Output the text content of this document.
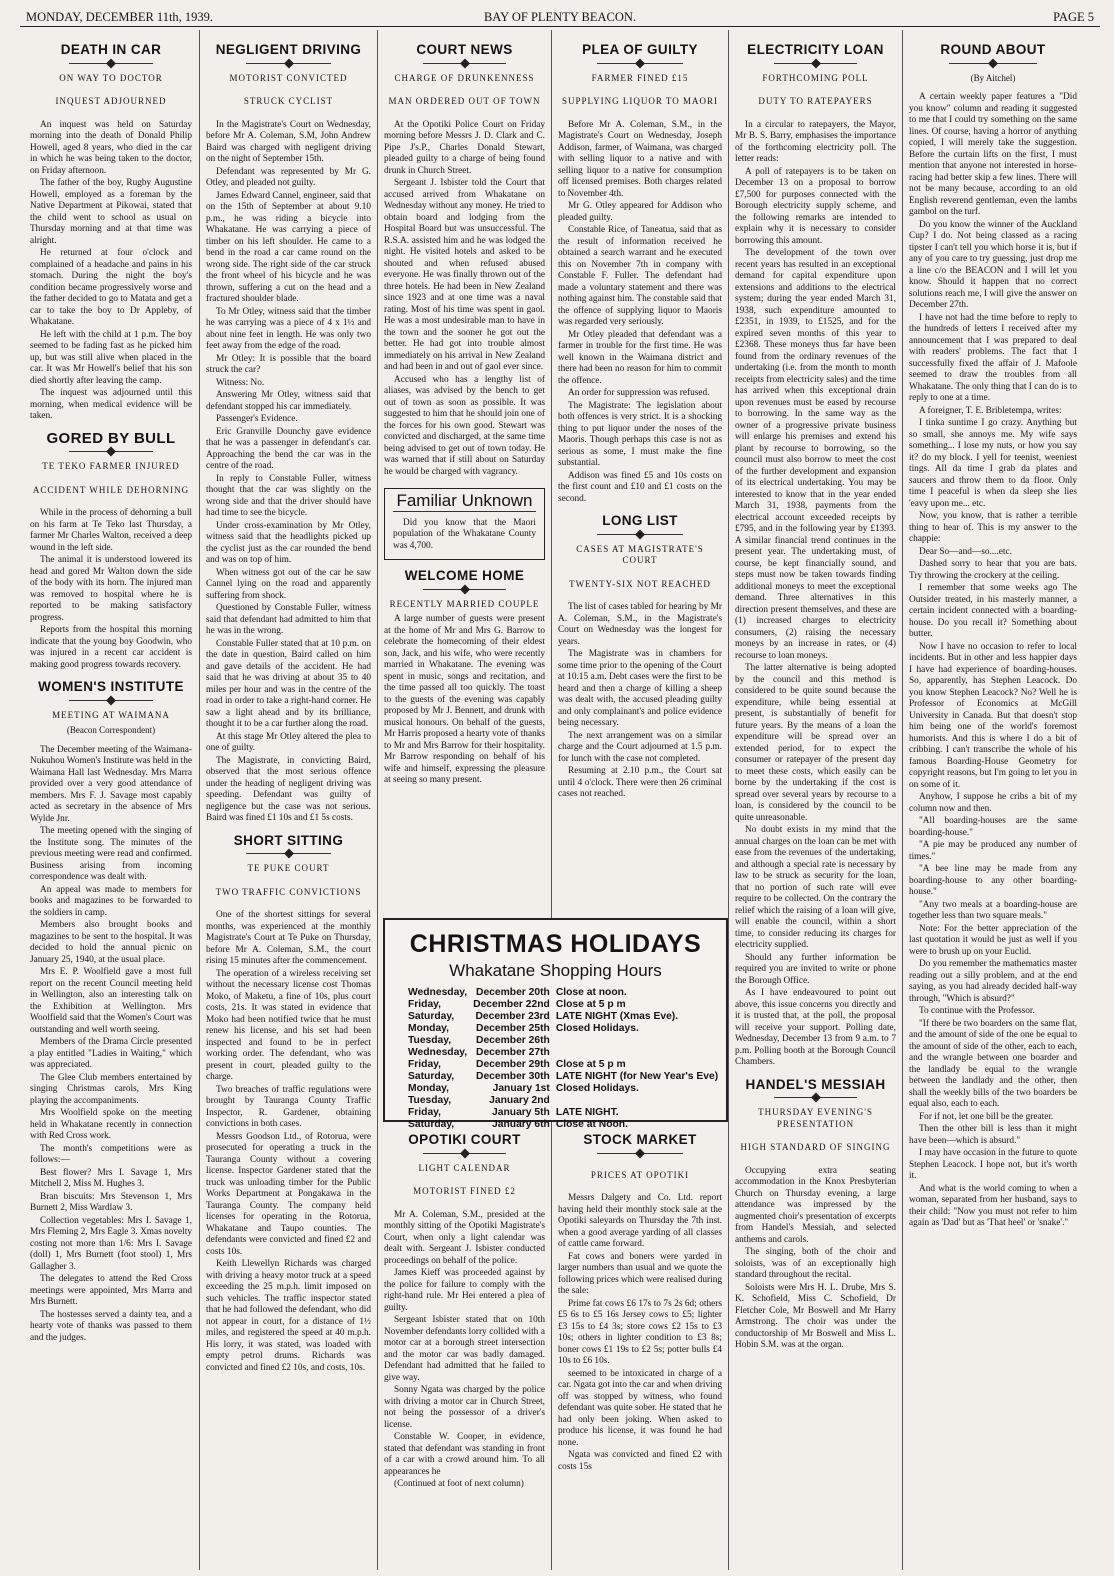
MONDAY, DECEMBER 11th, 1939.	BAY OF PLENTY BEACON.	PAGE 5
DEATH IN CAR
ON WAY TO DOCTOR
INQUEST ADJOURNED

An inquest was held on Saturday morning into the death of Donald Philip Howell, aged 8 years, who died in the car in which he was being taken to the doctor, on Friday afternoon.

The father of the boy, Rugby Augustine Howell, employed as a foreman by the Native Department at Pikowai, stated that the child went to school as usual on Thursday morning and at that time was alright.

He returned at four o'clock and complained of a headache and pains in his stomach. During the night the boy's condition became progressively worse and the father decided to go to Matata and get a car to take the boy to Dr Appleby, of Whakatane.

He left with the child at 1 p.m. The boy seemed to be fading fast as he picked him up, but was still alive when placed in the car. It was Mr Howell's belief that his son died shortly after leaving the camp.

The inquest was adjourned until this morning, when medical evidence will be taken.

GORED BY BULL
TE TEKO FARMER INJURED
ACCIDENT WHILE DEHORNING

While in the process of dehorning a bull on his farm at Te Teko last Thursday, a farmer Mr Charles Walton, received a deep wound in the left side.

The animal it is understood lowered its head and gored Mr Walton down the side of the body with its horn. The injured man was removed to hospital where he is reported to be making satisfactory progress.

Reports from the hospital this morning indicate that the young boy Goodwin, who was injured in a recent car accident is making good progress towards recovery.

WOMEN'S INSTITUTE
MEETING AT WAIMANA
(Beacon Correspondent)

The December meeting of the Waimana-Nukuhou Women's Institute was held in the Waimana Hall last Wednesday. Mrs Marra provided over a very good attendance of members. Mrs F. J. Savage most capably acted as secretary in the absence of Mrs Wylde Jnr.

The meeting opened with the singing of the Institute song. The minutes of the previous meeting were read and confirmed. Business arising from incoming correspondence was dealt with.

An appeal was made to members for books and magazines to be forwarded to the soldiers in camp.

Members also brought books and magazines to be sent to the hospital. It was decided to hold the annual picnic on January 25, 1940, at the usual place.

Mrs E. P. Woolfield gave a most full report on the recent Council meeting held in Wellington, also an interesting talk on the Exhibition at Wellington. Mrs Woolfield said that the Women's Court was outstanding and well worth seeing.

Members of the Drama Circle presented a play entitled "Ladies in Waiting," which was appreciated.

The Glee Club members entertained by singing Christmas carols, Mrs King playing the accompaniments.

Mrs Woolfield spoke on the meeting held in Whakatane recently in connection with Red Cross work.

The month's competitions were as follows:—

Best flower? Mrs I. Savage 1, Mrs Mitchell 2, Miss M. Hughes 3.

Bran biscuits: Mrs Stevenson 1, Mrs Burnett 2, Miss Wardlaw 3.

Collection vegetables: Mrs I. Savage 1, Mrs Fleming 2, Mrs Eagle 3. Xmas novelty costing not more than 1/6: Mrs I. Savage (doll) 1, Mrs Burnett (foot stool) 1, Mrs Gallagher 3.

The delegates to attend the Red Cross meetings were appointed, Mrs Marra and Mrs Burnett.

The hostesses served a dainty tea, and a hearty vote of thanks was passed to them and the judges.

NEGLIGENT DRIVING
MOTORIST CONVICTED
STRUCK CYCLIST

In the Magistrate's Court on Wednesday, before Mr A. Coleman, S.M, John Andrew Baird was charged with negligent driving on the night of September 15th.

Defendant was represented by Mr G. Otley, and pleaded not guilty.

James Edward Cannel, engineer, said that on the 15th of September at about 9.10 p.m., he was riding a bicycle into Whakatane. He was carrying a piece of timber on his left shoulder. He came to a bend in the road a car came round on the wrong side. The right side of the car struck the front wheel of his bicycle and he was thrown, suffering a cut on the head and a fractured shoulder blade.

To Mr Otley, witness said that the timber he was carrying was a piece of 4 x 1½ and about nine feet in length. He was only two feet away from the edge of the road.

Mr Otley: It is possible that the board struck the car?

Witness: No.

Answering Mr Otley, witness said that defendant stopped his car immediately.

Passenger's Evidence.

Eric Granville Dounchy gave evidence that he was a passenger in defendant's car. Approaching the bend the car was in the centre of the road.

In reply to Constable Fuller, witness thought that the car was slightly on the wrong side and that the driver should have had time to see the bicycle.

Under cross-examination by Mr Otley, witness said that the headlights picked up the cyclist just as the car rounded the bend and was on top of him.

When witness got out of the car he saw Cannel lying on the road and apparently suffering from shock.

Questioned by Constable Fuller, witness said that defendant had admitted to him that he was in the wrong.

Constable Fuller stated that at 10 p.m. on the date in question, Baird called on him and gave details of the accident. He had said that he was driving at about 35 to 40 miles per hour and was in the centre of the road in order to take a right-hand corner. He saw a light ahead and by its brilliance, thought it to be a car further along the road.

At this stage Mr Otley altered the plea to one of guilty.

The Magistrate, in convicting Baird, observed that the most serious offence under the heading of negligent driving was speeding. Defendant was guilty of negligence but the case was not serious. Baird was fined £1 10s and £1 5s costs.

SHORT SITTING
TE PUKE COURT
TWO TRAFFIC CONVICTIONS

One of the shortest sittings for several months, was experienced at the monthly Magistrate's Court at Te Puke on Thursday, before Mr A. Coleman, S.M., the court rising 15 minutes after the commencement.

The operation of a wireless receiving set without the necessary license cost Thomas Moko, of Maketu, a fine of 10s, plus court costs, 21s. It was stated in evidence that Moko had been notified twice that he must renew his license, and his set had been inspected and found to be in perfect working order. The defendant, who was present in court, pleaded guilty to the charge.

Two breaches of traffic regulations were brought by Tauranga County Traffic Inspector, R. Gardener, obtaining convictions in both cases.

Messrs Goodson Ltd., of Rotorua, were prosecuted for operating a truck in the Tauranga County without a covering license. Inspector Gardener stated that the truck was unloading timber for the Public Works Department at Pongakawa in the Tauranga County. The company held licenses for operating in the Rotorua, Whakatane and Taupo counties. The defendants were convicted and fined £2 and costs 10s.

Keith Llewellyn Richards was charged with driving a heavy motor truck at a speed exceeding the 25 m.p.h. limit imposed on such vehicles. The traffic inspector stated that he had followed the defendant, who did not appear in court, for a distance of 1½ miles, and registered the speed at 40 m.p.h. His lorry, it was stated, was loaded with empty petrol drums. Richards was convicted and fined £2 10s, and costs, 10s.

COURT NEWS
CHARGE OF DRUNKENNESS
MAN ORDERED OUT OF TOWN

At the Opotiki Police Court on Friday morning before Messrs J. D. Clark and C. Pipe J's.P., Charles Donald Stewart, pleaded guilty to a charge of being found drunk in Church Street.

Sergeant J. Isbister told the Court that accused arrived from Whakatane on Wednesday without any money. He tried to obtain board and lodging from the Hospital Board but was unsuccessful. The R.S.A. assisted him and he was lodged the night. He visited hotels and asked to be shouted and when refused abused everyone. He was finally thrown out of the three hotels. He had been in New Zealand since 1923 and at one time was a naval rating. Most of his time was spent in gaol. He was a most undesirable man to have in the town and the sooner he got out the better. He had got into trouble almost immediately on his arrival in New Zealand and had been in and out of gaol ever since.

Accused who has a lengthy list of aliases, was advised by the bench to get out of town as soon as possible. It was suggested to him that he should join one of the forces for his own good. Stewart was convicted and discharged, at the same time being advised to get out of town today. He was warned that if still about on Saturday he would be charged with vagrancy.

Familiar Unknown

Did you know that the Maori population of the Whakatane County was 4,700.

WELCOME HOME
RECENTLY MARRIED COUPLE

A large number of guests were present at the home of Mr and Mrs G. Barrow to celebrate the homecoming of their eldest son, Jack, and his wife, who were recently married in Whakatane. The evening was spent in music, songs and recitation, and the time passed all too quickly. The toast to the guests of the evening was capably proposed by Mr J. Bennett, and drunk with musical honours. On behalf of the guests, Mr Harris proposed a hearty vote of thanks to Mr and Mrs Barrow for their hospitality. Mr Barrow responding on behalf of his wife and himself, expressing the pleasure at seeing so many present.

PLEA OF GUILTY
FARMER FINED £15
SUPPLYING LIQUOR TO MAORI

Before Mr A. Coleman, S.M., in the Magistrate's Court on Wednesday, Joseph Addison, farmer, of Waimana, was charged with selling liquor to a native and with selling liquor to a native for consumption off licensed premises. Both charges related to November 4th.

Mr G. Otley appeared for Addison who pleaded guilty.

Constable Rice, of Taneatua, said that as the result of information received he obtained a search warrant and he executed this on November 7th in company with Constable F. Fuller. The defendant had made a voluntary statement and there was nothing against him. The constable said that the offence of supplying liquor to Maoris was regarded very seriously.

Mr Otley pleaded that defendant was a farmer in trouble for the first time. He was well known in the Waimana district and there had been no reason for him to commit the offence.

An order for suppression was refused.

The Magistrate: The legislation about both offences is very strict. It is a shocking thing to put liquor under the noses of the Maoris. Though perhaps this case is not as serious as some, I must make the fine substantial.

Addison was fined £5 and 10s costs on the first count and £10 and £1 costs on the second.

LONG LIST
CASES AT MAGISTRATE'S COURT
TWENTY-SIX NOT REACHED

The list of cases tabled for hearing by Mr A. Coleman, S.M., in the Magistrate's Court on Wednesday was the longest for years.

The Magistrate was in chambers for some time prior to the opening of the Court at 10.15 a.m. Debt cases were the first to be heard and then a charge of killing a sheep was dealt with, the accused pleading guilty and only complainant's and police evidence being necessary.

The next arrangement was on a similar charge and the Court adjourned at 1.5 p.m. for lunch with the case not completed.

Resuming at 2.10 p.m., the Court sat until 4 o'clock. There were then 26 criminal cases not reached.

CHRISTMAS HOLIDAYS
Whakatane Shopping Hours
Wednesday,	December 20th	Close at noon.
Friday,	December 22nd	Close at 5 p m
Saturday,	December 23rd	LATE NIGHT (Xmas Eve).
Monday,	December 25th	Closed Holidays.
Tuesday,	December 26th	
Wednesday,	December 27th	
Friday,	December 29th	Close at 5 p m
Saturday,	December 30th	LATE NIGHT (for New Year's Eve)
Monday,	January 1st	Closed Holidays.
Tuesday,	January 2nd	
Friday,	January 5th	LATE NIGHT.
Saturday,	January 6th	Close at Noon.
OPOTIKI COURT
LIGHT CALENDAR
MOTORIST FINED £2

Mr A. Coleman, S.M., presided at the monthly sitting of the Opotiki Magistrate's Court, when only a light calendar was dealt with. Sergeant J. Isbister conducted proceedings on behalf of the police.

James Kieff was proceeded against by the police for failure to comply with the right-hand rule. Mr Hei entered a plea of guilty.

Sergeant Isbister stated that on 10th November defendants lorry collided with a motor car at a borough street intersection and the motor car was badly damaged. Defendant had admitted that he failed to give way.

Sonny Ngata was charged by the police with driving a motor car in Church Street, not being the possessor of a driver's license.

Constable W. Cooper, in evidence, stated that defendant was standing in front of a car with a crowd around him. To all appearances he

(Continued at foot of next column)

STOCK MARKET
PRICES AT OPOTIKI

Messrs Dalgety and Co. Ltd. report having held their monthly stock sale at the Opotiki saleyards on Thursday the 7th inst. when a good average yarding of all classes of cattle came forward.

Fat cows and boners were yarded in larger numbers than usual and we quote the following prices which were realised during the sale:

Prime fat cows £6 17s to 7s 2s 6d; others £5 6s to £5 16s Jersey cows to £5; lighter £3 15s to £4 3s; store cows £2 15s to £3 10s; others in lighter condition to £3 8s; boner cows £1 19s to £2 5s; potter bulls £4 10s to £6 10s.

seemed to be intoxicated in charge of a car. Ngata got into the car and when driving off was stopped by witness, who found defendant was quite sober. He stated that he had only been joking. When asked to produce his license, it was found he had none.

Ngata was convicted and fined £2 with costs 15s

ELECTRICITY LOAN
FORTHCOMING POLL
DUTY TO RATEPAYERS

In a circular to ratepayers, the Mayor, Mr B. S. Barry, emphasises the importance of the forthcoming electricity poll. The letter reads:

A poll of ratepayers is to be taken on December 13 on a proposal to borrow £7,500 for purposes connected with the Borough electricity supply scheme, and the following remarks are intended to explain why it is necessary to consider borrowing this amount.

The development of the town over recent years has resulted in an exceptional demand for capital expenditure upon extensions and additions to the electrical system; during the year ended March 31, 1938, such expenditure amounted to £2351, in 1939, to £1525, and for the expired seven months of this year to £2368. These moneys thus far have been found from the ordinary revenues of the undertaking (i.e. from the month to month receipts from electricity sales) and the time has arrived when this exceptional drain upon revenues must be eased by recourse to borrowing. In the same way as the owner of a progressive private business will enlarge his premises and extend his plant by recourse to borrowing, so the council must also borrow to meet the cost of the further development and expansion of its electrical undertaking. You may be interested to know that in the year ended March 31, 1938, payments from the electrical account exceeded receipts by £795, and in the following year by £1393. A similar financial trend continues in the present year. The undertaking must, of course, be kept financially sound, and steps must now be taken towards finding additional moneys to meet the exceptional demand. Three alternatives in this direction present themselves, and these are (1) increased charges to electricity consumers, (2) raising the necessary moneys by an increase in rates, or (4) recourse to loan moneys.

The latter alternative is being adopted by the council and this method is considered to be quite sound because the expenditure, while being essential at present, is substantially of benefit for future years. By the means of a loan the expenditure will be spread over an extended period, for to expect the consumer or ratepayer of the present day to meet these costs, which easily can be borne by the undertaking if the cost is spread over several years by recourse to a loan, is considered by the council to be quite unreasonable.

No doubt exists in my mind that the annual charges on the loan can be met with ease from the revenues of the undertaking, and although a special rate is necessary by law to be struck as security for the loan, that no portion of such rate will ever require to be collected. On the contrary the relief which the raising of a loan will give, will enable the council, within a short time, to consider reducing its charges for electricity supplied.

Should any further information be required you are invited to write or phone the Borough Office.

As I have endeavoured to point out above, this issue concerns you directly and it is trusted that, at the poll, the proposal will receive your support. Polling date, Wednesday, December 13 from 9 a.m. to 7 p.m. Polling booth at the Borough Council Chambers.

HANDEL'S MESSIAH
THURSDAY EVENING'S PRESENTATION
HIGH STANDARD OF SINGING

Occupying extra seating accommodation in the Knox Presbyterian Church on Thursday evening, a large attendance was impressed by the augmented choir's presentation of excerpts from Handel's Messiah, and selected anthems and carols.

The singing, both of the choir and soloists, was of an exceptionally high standard throughout the recital.

Soloists were Mrs H. L. Drube, Mrs S. K. Schofield, Miss C. Schofield, Dr Fletcher Cole, Mr Boswell and Mr Harry Armstrong. The choir was under the conductorship of Mr Boswell and Miss L. Hobin S.M. was at the organ.

ROUND ABOUT
(By Aitchel)

A certain weekly paper features a "Did you know" column and reading it suggested to me that I could try something on the same lines. Of course, having a horror of anything copied, I will merely take the suggestion. Before the curtain lifts on the first, I must mention that anyone not interested in horse-racing had better skip a few lines. There will not be many because, according to an old English reverend gentleman, even the lambs gambol on the turf.

Do you know the winner of the Auckland Cup? I do. Not being classed as a racing tipster I can't tell you which horse it is, but if any of you care to try guessing, just drop me a line c/o the BEACON and I will let you know. Should it happen that no correct solutions reach me, I will give the answer on December 27th.

I have not had the time before to reply to the hundreds of letters I received after my announcement that I was prepared to deal with readers' problems. The fact that I successfully fixed the affair of J. Mafoole seemed to draw the troubles from all Whakatane. The only thing that I can do is to reply to one at a time.

A foreigner, T. E. Bribletempa, writes:

I tinka suntime I go crazy. Anything but so small, she annoys me. My wife says something... I lose my nuts, or how you say it? do my block. I yell for teenist, weeniest tings. All da time I grab da plates and saucers and throw them to da floor. Only time I peaceful is when da sleep she lies 'eavy upon me... etc.

Now, you know, that is rather a terrible thing to hear of. This is my answer to the chappie:

Dear So—and—so....etc.

Dashed sorry to hear that you are bats. Try throwing the crockery at the ceiling.

I remember that some weeks ago The Outsider treated, in his masterly manner, a certain incident connected with a boarding-house. Do you recall it? Something about butter.

Now I have no occasion to refer to local incidents. But in other and less happier days I have had experience of boarding-houses. So, apparently, has Stephen Leacock. Do you know Stephen Leacock? No? Well he is Professor of Economics at McGill University in Canada. But that doesn't stop him being one of the world's foremost humorists. And this is where I do a bit of cribbing. I can't transcribe the whole of his famous Boarding-House Geometry for copyright reasons, but I'm going to let you in on some of it.

Anyhow, I suppose he cribs a bit of my column now and then.

"All boarding-houses are the same boarding-house."

"A pie may be produced any number of times."

"A bee line may be made from any boarding-house to any other boarding-house."

"Any two meals at a boarding-house are together less than two square meals."

Note: For the better appreciation of the last quotation it would be just as well if you were to brush up on your Euclid.

Do you remember the mathematics master reading out a silly problem, and at the end saying, as you had already decided half-way through, "Which is absurd?"

To continue with the Professor.

"If there be two boarders on the same flat, and the amount of side of the one be equal to the amount of side of the other, each to each, and the wrangle between one boarder and the landlady be equal to the wrangle between the landlady and the other, then shall the weekly bills of the two boarders be equal also, each to each.

For if not, let one bill be the greater.

Then the other bill is less than it might have been—which is absurd."

I may have occasion in the future to quote Stephen Leacock. I hope not, but it's worth it.

And what is the world coming to when a woman, separated from her husband, says to their child: "Now you must not refer to him again as 'Dad' but as 'That heel' or 'snake'."
